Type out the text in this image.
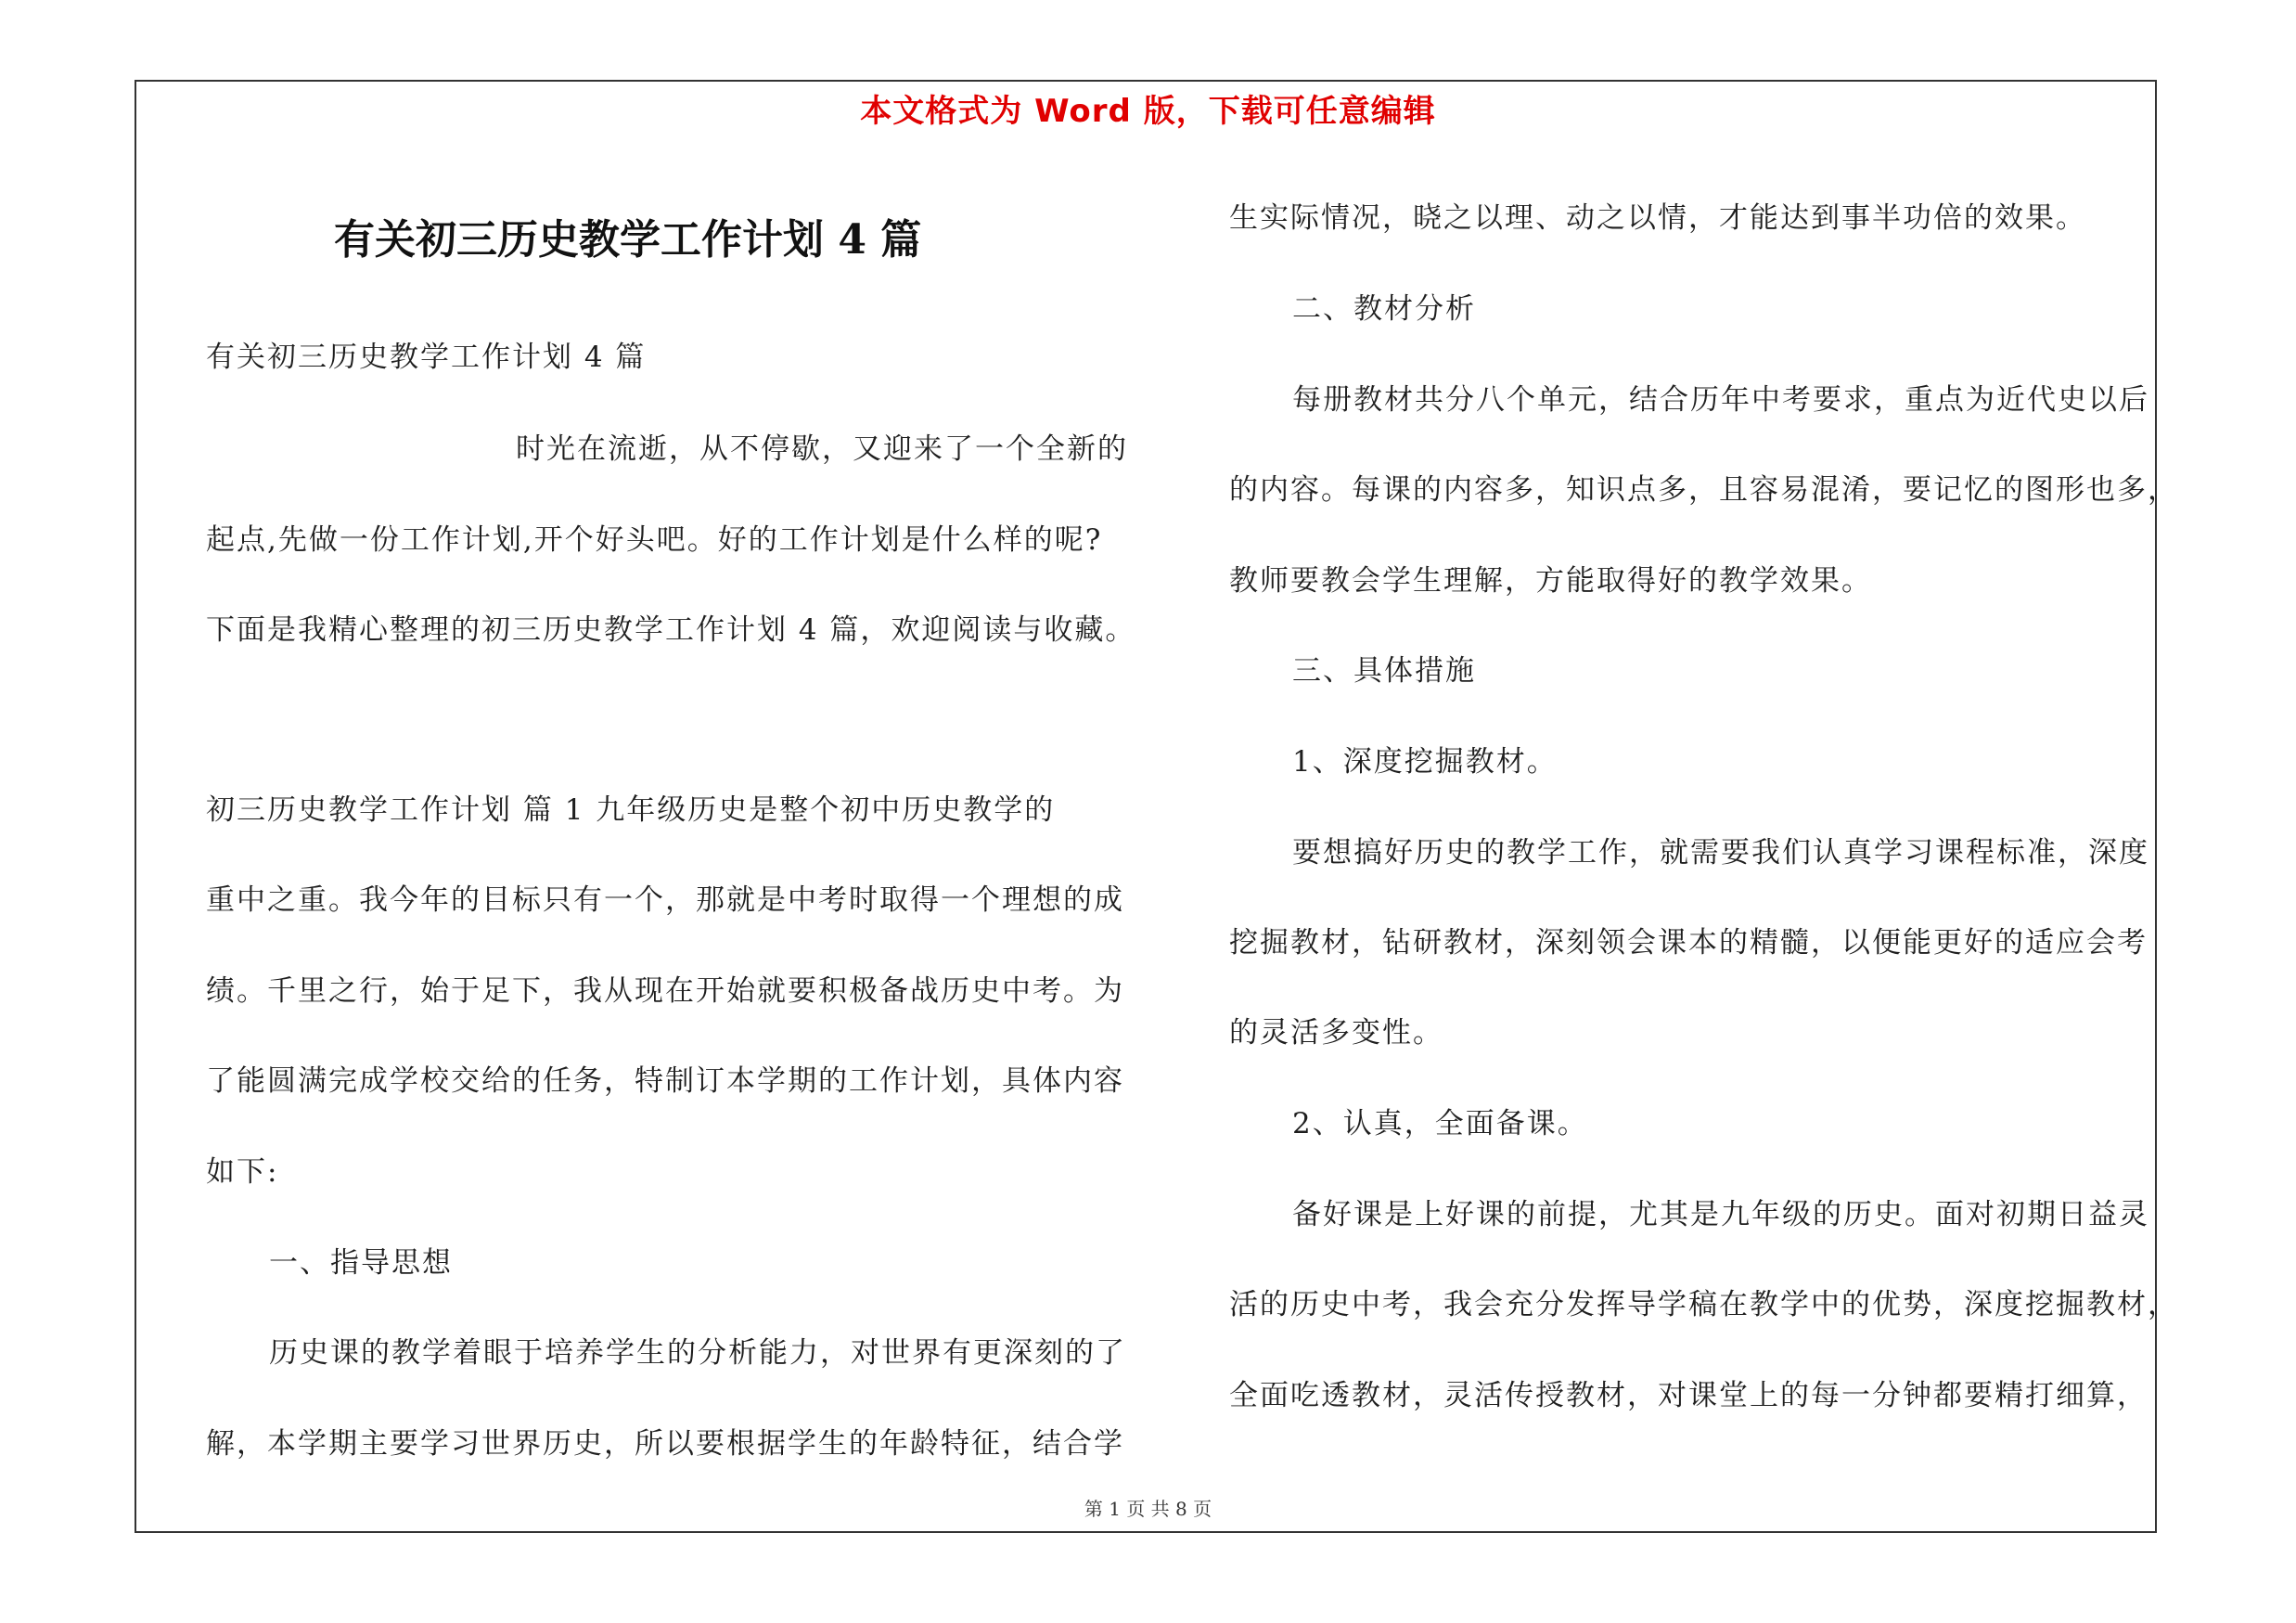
本文格式为 Word 版，下载可任意编辑
有关初三历史教学工作计划 4 篇
有关初三历史教学工作计划 4 篇
时光在流逝，从不停歇，又迎来了一个全新的
起点,先做一份工作计划,开个好头吧。好的工作计划是什么样的呢?
下面是我精心整理的初三历史教学工作计划 4 篇，欢迎阅读与收藏。
初三历史教学工作计划 篇 1 九年级历史是整个初中历史教学的
重中之重。我今年的目标只有一个，那就是中考时取得一个理想的成
绩。千里之行，始于足下，我从现在开始就要积极备战历史中考。为
了能圆满完成学校交给的任务，特制订本学期的工作计划，具体内容
如下:
一、指导思想
历史课的教学着眼于培养学生的分析能力，对世界有更深刻的了
解，本学期主要学习世界历史，所以要根据学生的年龄特征，结合学
生实际情况，晓之以理、动之以情，才能达到事半功倍的效果。
二、教材分析
每册教材共分八个单元，结合历年中考要求，重点为近代史以后
的内容。每课的内容多，知识点多，且容易混淆，要记忆的图形也多，
教师要教会学生理解，方能取得好的教学效果。
三、具体措施
1、深度挖掘教材。
要想搞好历史的教学工作，就需要我们认真学习课程标准，深度
挖掘教材，钻研教材，深刻领会课本的精髓，以便能更好的适应会考
的灵活多变性。
2、认真，全面备课。
备好课是上好课的前提，尤其是九年级的历史。面对初期日益灵
活的历史中考，我会充分发挥导学稿在教学中的优势，深度挖掘教材，
全面吃透教材，灵活传授教材，对课堂上的每一分钟都要精打细算，
第 1 页 共 8 页
